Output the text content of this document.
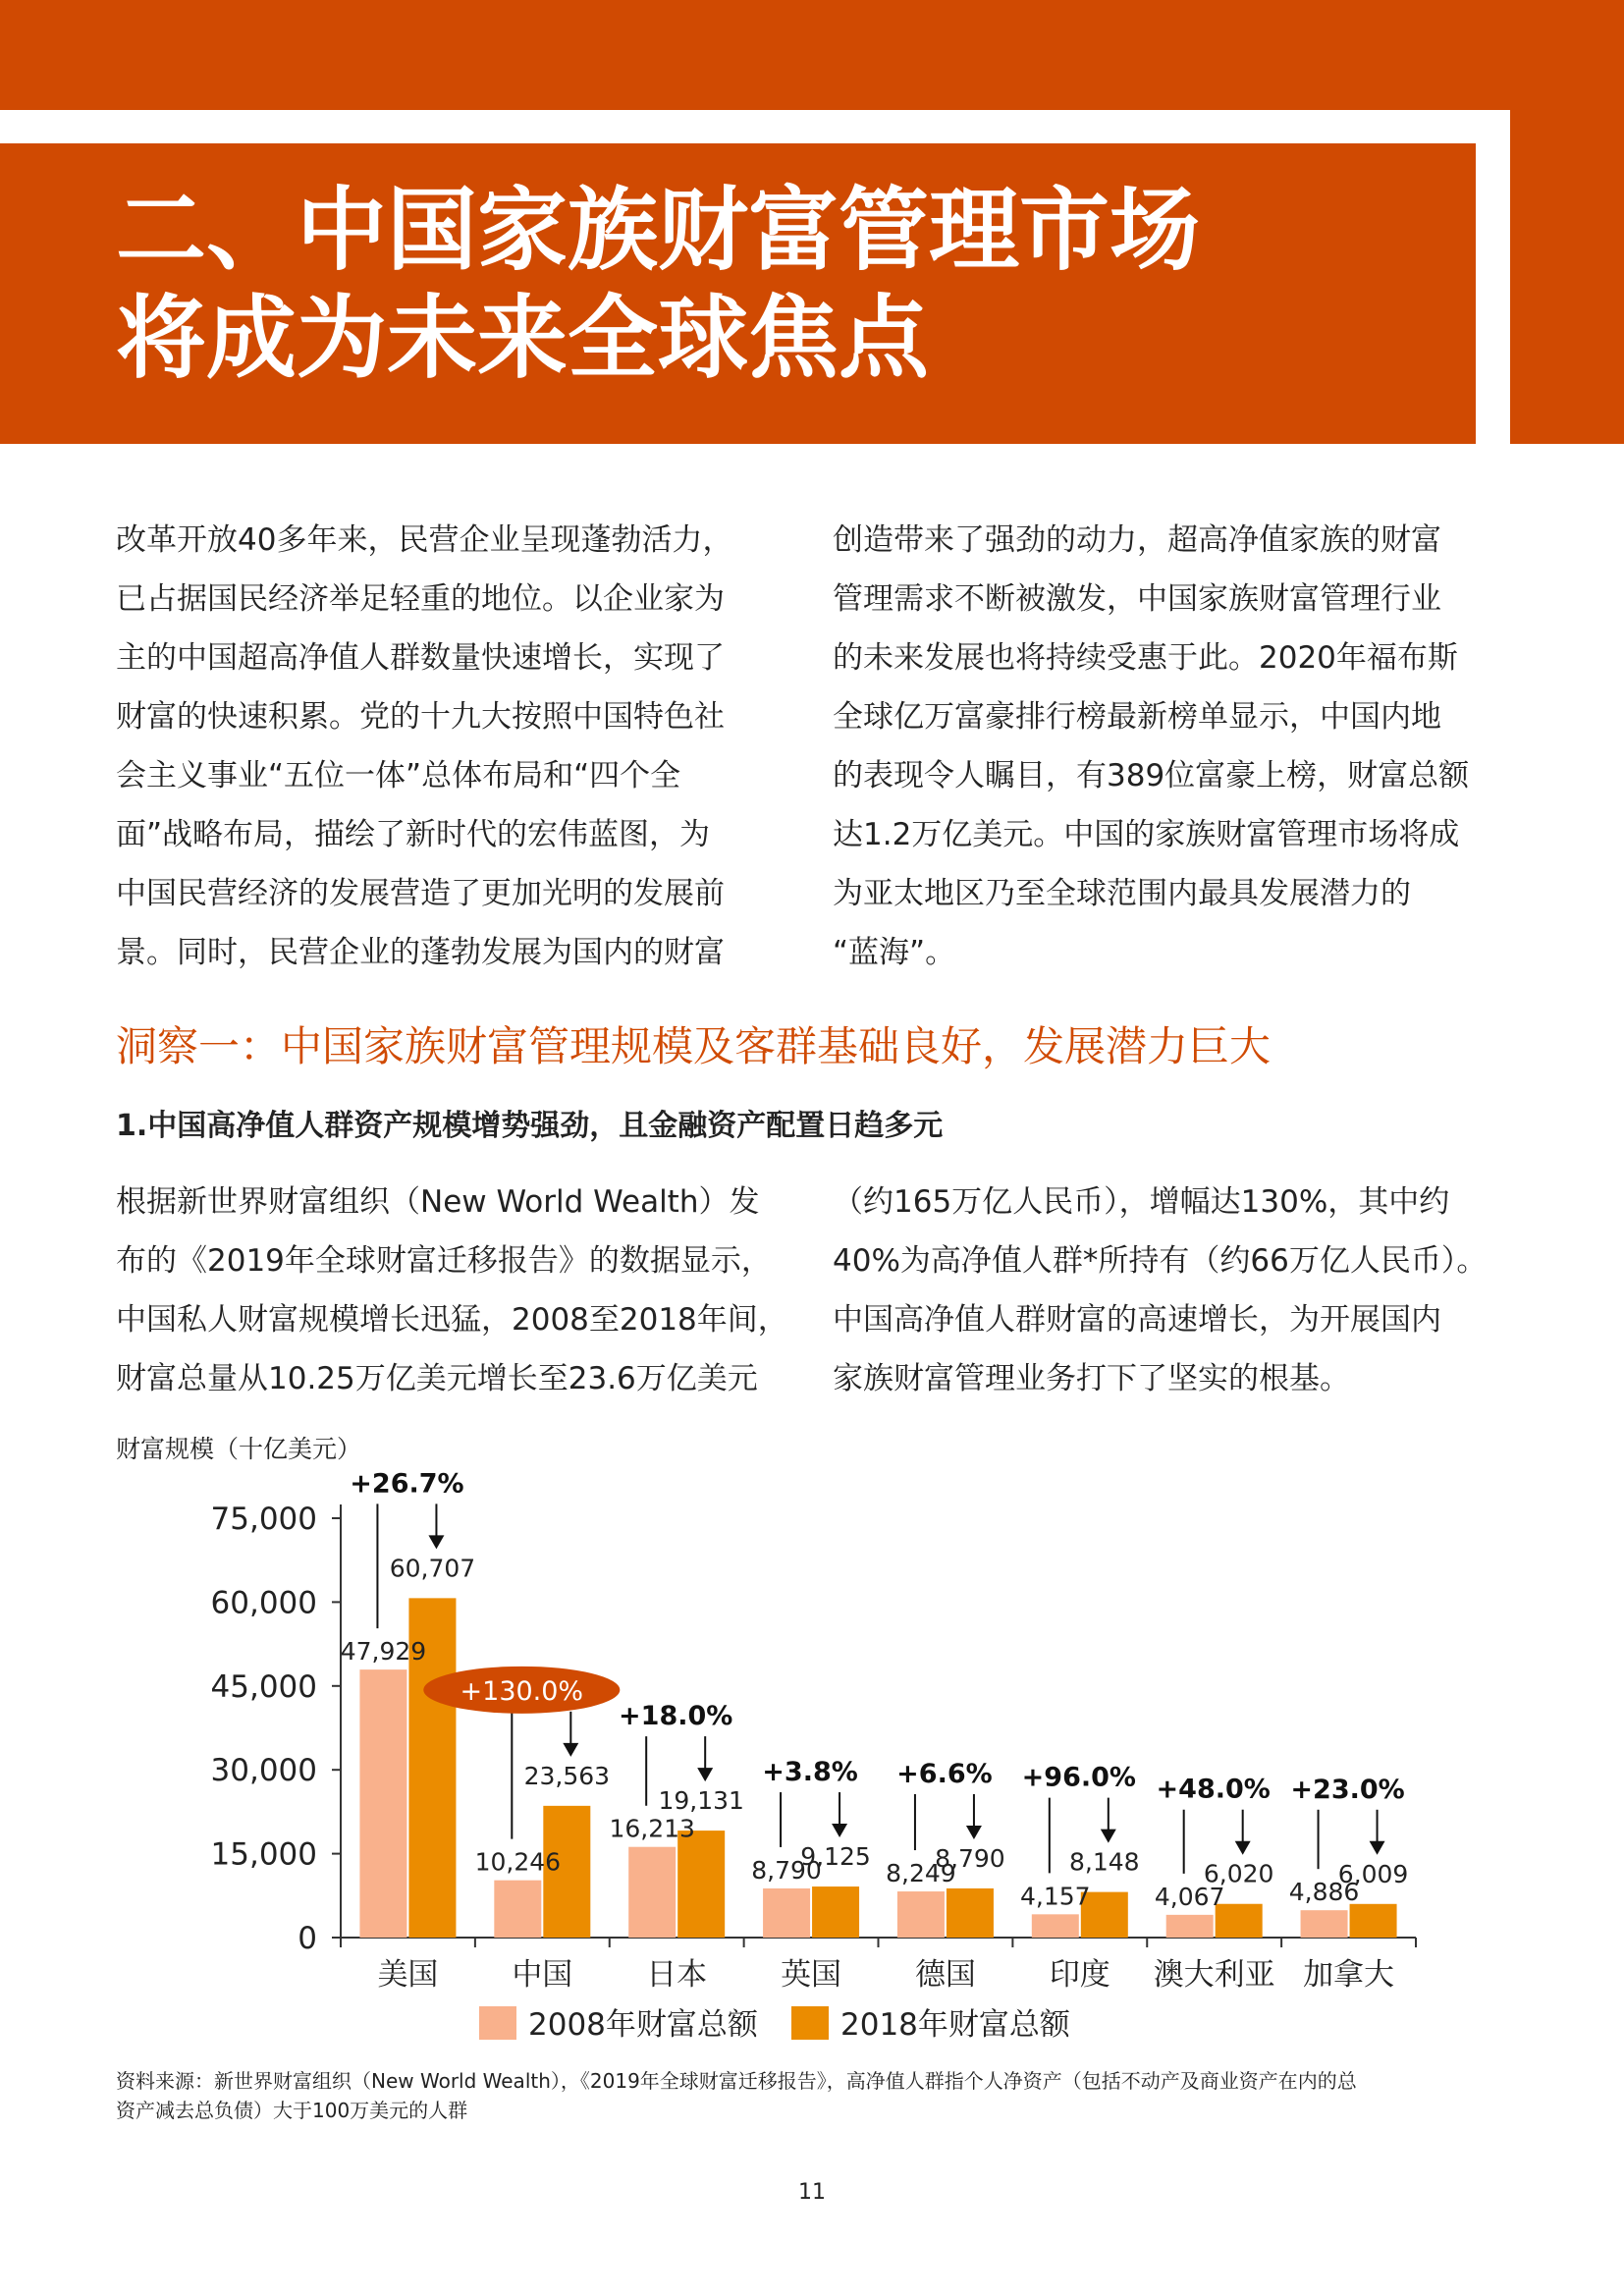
二、中国家族财富管理市场
将成为未来全球焦点
改革开放40多年来，民营企业呈现蓬勃活力，
已占据国民经济举足轻重的地位。以企业家为
主的中国超高净值人群数量快速增长，实现了
财富的快速积累。党的十九大按照中国特色社
会主义事业“五位一体”总体布局和“四个全
面”战略布局，描绘了新时代的宏伟蓝图，为
中国民营经济的发展营造了更加光明的发展前
景。同时，民营企业的蓬勃发展为国内的财富
创造带来了强劲的动力，超高净值家族的财富
管理需求不断被激发，中国家族财富管理行业
的未来发展也将持续受惠于此。2020年福布斯
全球亿万富豪排行榜最新榜单显示，中国内地
的表现令人瞩目，有389位富豪上榜，财富总额
达1.2万亿美元。中国的家族财富管理市场将成
为亚太地区乃至全球范围内最具发展潜力的
“蓝海”。
洞察一：中国家族财富管理规模及客群基础良好，发展潜力巨大
1.中国高净值人群资产规模增势强劲，且金融资产配置日趋多元
根据新世界财富组织（New World Wealth）发
布的《2019年全球财富迁移报告》的数据显示，
中国私人财富规模增长迅猛，2008至2018年间，
财富总量从10.25万亿美元增长至23.6万亿美元
（约165万亿人民币），增幅达130%，其中约
40%为高净值人群*所持有（约66万亿人民币）。
中国高净值人群财富的高速增长，为开展国内
家族财富管理业务打下了坚实的根基。
财富规模（十亿美元）
0
15,000
30,000
45,000
60,000
75,000
47,929
60,707
美国
+26.7%
10,246
23,563
中国
+130.0%
16,213
19,131
日本
+18.0%
8,790
9,125
英国
+3.8%
8,249
8,790
德国
+6.6%
4,157
8,148
印度
+96.0%
4,067
6,020
澳大利亚
+48.0%
4,886
6,009
加拿大
+23.0%
2008年财富总额	2018年财富总额
资料来源：新世界财富组织（New World Wealth），《2019年全球财富迁移报告》，高净值人群指个人净资产（包括不动产及商业资产在内的总
资产减去总负债）大于100万美元的人群
11
